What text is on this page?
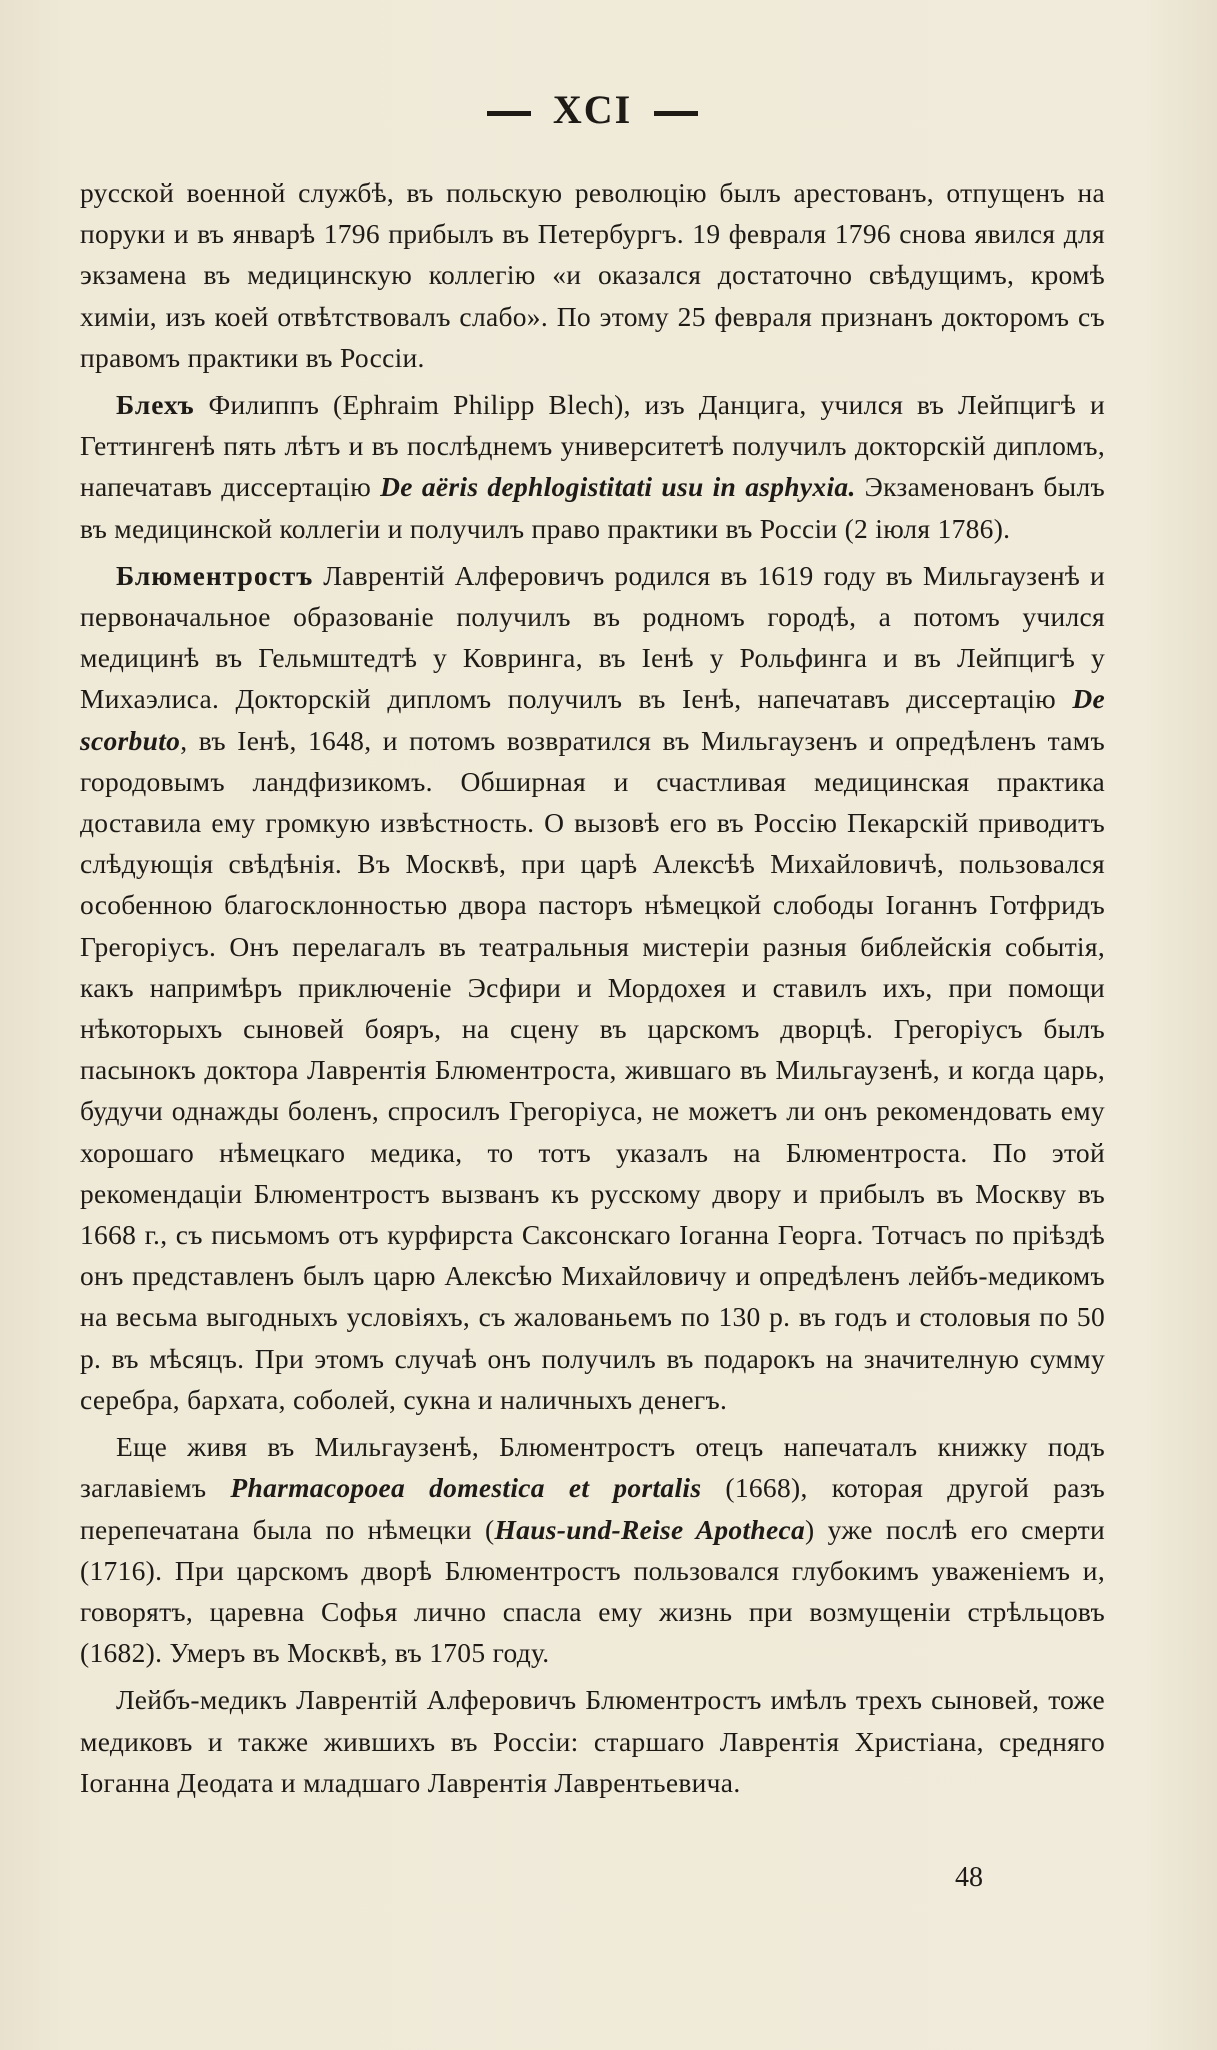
XCI

русской военной службѣ, въ польскую революцію былъ арестованъ, отпущенъ на поруки и въ январѣ 1796 прибылъ въ Петербургъ. 19 февраля 1796 снова явился для экзамена въ медицинскую коллегію «и оказался достаточно свѣдущимъ, кромѣ химіи, изъ коей отвѣтствовалъ слабо». По этому 25 февраля признанъ докторомъ съ правомъ практики въ Россіи.

Блехъ Филиппъ (Ephraim Philipp Blech), изъ Данцига, учился въ Лейпцигѣ и Геттингенѣ пять лѣтъ и въ послѣднемъ университетѣ получилъ докторскій дипломъ, напечатавъ диссертацію De aëris dephlogistitati usu in asphyxia. Экзаменованъ былъ въ медицинской коллегіи и получилъ право практики въ Россіи (2 іюля 1786).

Блюментростъ Лаврентій Алферовичъ родился въ 1619 году въ Мильгаузенѣ и первоначальное образованіе получилъ въ родномъ городѣ, а потомъ учился медицинѣ въ Гельмштедтѣ у Ковринга, въ Іенѣ у Рольфинга и въ Лейпцигѣ у Михаэлиса. Докторскій дипломъ получилъ въ Іенѣ, напечатавъ диссертацію De scorbuto, въ Іенѣ, 1648, и потомъ возвратился въ Мильгаузенъ и опредѣленъ тамъ городовымъ ландфизикомъ. Обширная и счастливая медицинская практика доставила ему громкую извѣстность. О вызовѣ его въ Россію Пекарскій приводитъ слѣдующія свѣдѣнія. Въ Москвѣ, при царѣ Алексѣѣ Михайловичѣ, пользовался особенною благосклонностью двора пасторъ нѣмецкой слободы Іоганнъ Готфридъ Грегоріусъ. Онъ перелагалъ въ театральныя мистеріи разныя библейскія событія, какъ напримѣръ приключеніе Эсфири и Мордохея и ставилъ ихъ, при помощи нѣкоторыхъ сыновей бояръ, на сцену въ царскомъ дворцѣ. Грегоріусъ былъ пасынокъ доктора Лаврентія Блюментроста, жившаго въ Мильгаузенѣ, и когда царь, будучи однажды боленъ, спросилъ Грегоріуса, не можетъ ли онъ рекомендовать ему хорошаго нѣмецкаго медика, то тотъ указалъ на Блюментроста. По этой рекомендаціи Блюментростъ вызванъ къ русскому двору и прибылъ въ Москву въ 1668 г., съ письмомъ отъ курфирста Саксонскаго Іоганна Георга. Тотчасъ по пріѣздѣ онъ представленъ былъ царю Алексѣю Михайловичу и опредѣленъ лейбъ-медикомъ на весьма выгодныхъ условіяхъ, съ жалованьемъ по 130 р. въ годъ и столовыя по 50 р. въ мѣсяцъ. При этомъ случаѣ онъ получилъ въ подарокъ на значителную сумму серебра, бархата, соболей, сукна и наличныхъ денегъ.

Еще живя въ Мильгаузенѣ, Блюментростъ отецъ напечаталъ книжку подъ заглавіемъ Pharmacopoea domestica et portalis (1668), которая другой разъ перепечатана была по нѣмецки (Haus-und-Reise Apotheca) уже послѣ его смерти (1716). При царскомъ дворѣ Блюментростъ пользовался глубокимъ уваженіемъ и, говорятъ, царевна Софья лично спасла ему жизнь при возмущеніи стрѣльцовъ (1682). Умеръ въ Москвѣ, въ 1705 году.

Лейбъ-медикъ Лаврентій Алферовичъ Блюментростъ имѣлъ трехъ сыновей, тоже медиковъ и также жившихъ въ Россіи: старшаго Лаврентія Христіана, средняго Іоганна Деодата и младшаго Лаврентія Лаврентьевича.

48
